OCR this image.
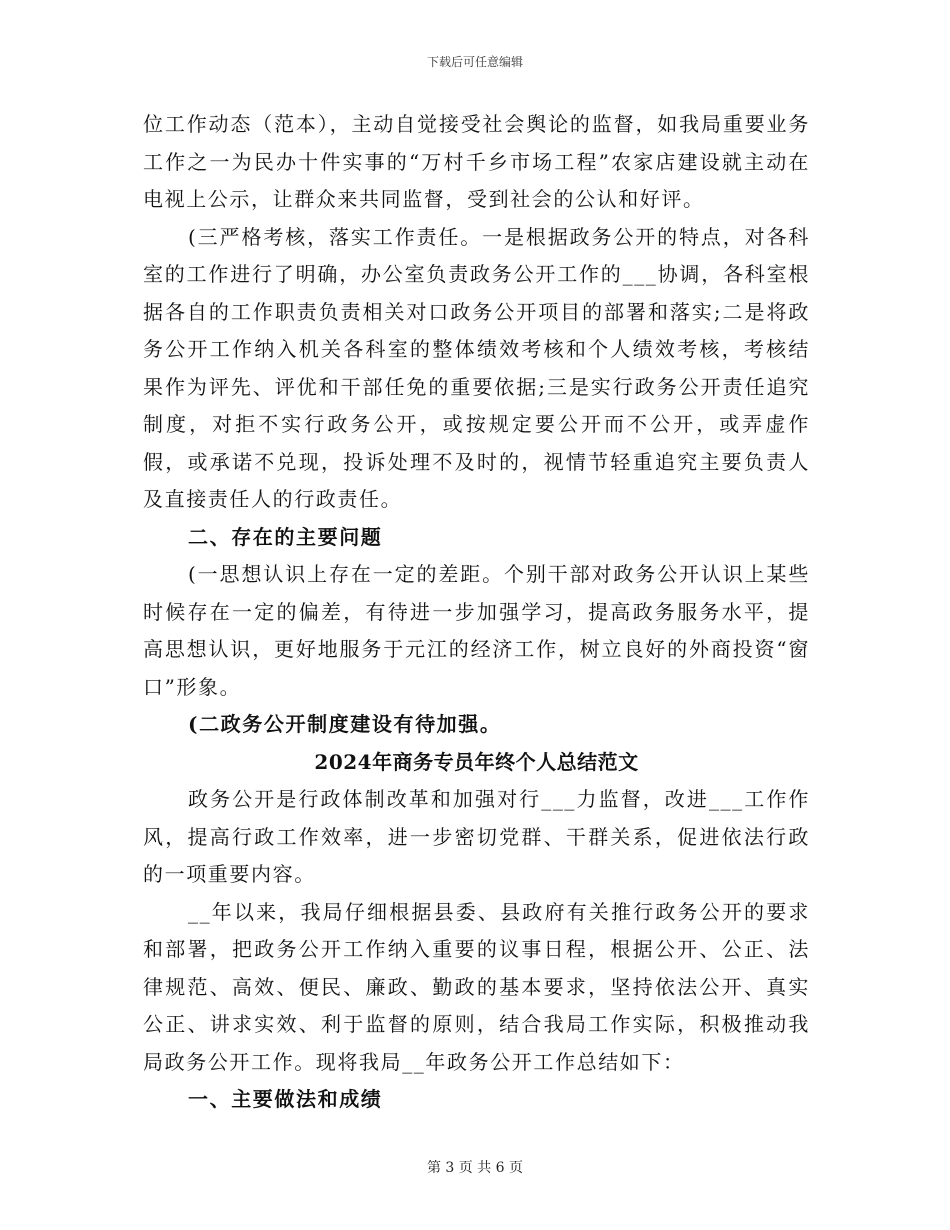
下载后可任意编辑

位工作动态（范本），主动自觉接受社会舆论的监督，如我局重要业务工作之一为民办十件实事的“万村千乡市场工程”农家店建设就主动在电视上公示，让群众来共同监督，受到社会的公认和好评。

(三严格考核，落实工作责任。一是根据政务公开的特点，对各科室的工作进行了明确，办公室负责政务公开工作的___协调，各科室根据各自的工作职责负责相关对口政务公开项目的部署和落实;二是将政务公开工作纳入机关各科室的整体绩效考核和个人绩效考核，考核结果作为评先、评优和干部任免的重要依据;三是实行政务公开责任追究制度，对拒不实行政务公开，或按规定要公开而不公开，或弄虚作假，或承诺不兑现，投诉处理不及时的，视情节轻重追究主要负责人及直接责任人的行政责任。

二、存在的主要问题

(一思想认识上存在一定的差距。个别干部对政务公开认识上某些时候存在一定的偏差，有待进一步加强学习，提高政务服务水平，提高思想认识，更好地服务于元江的经济工作，树立良好的外商投资“窗口”形象。

(二政务公开制度建设有待加强。

2024年商务专员年终个人总结范文

政务公开是行政体制改革和加强对行___力监督，改进___工作作风，提高行政工作效率，进一步密切党群、干群关系，促进依法行政的一项重要内容。

__年以来，我局仔细根据县委、县政府有关推行政务公开的要求和部署，把政务公开工作纳入重要的议事日程，根据公开、公正、法律规范、高效、便民、廉政、勤政的基本要求，坚持依法公开、真实公正、讲求实效、利于监督的原则，结合我局工作实际，积极推动我局政务公开工作。现将我局__年政务公开工作总结如下：

一、主要做法和成绩

第 3 页 共 6 页
